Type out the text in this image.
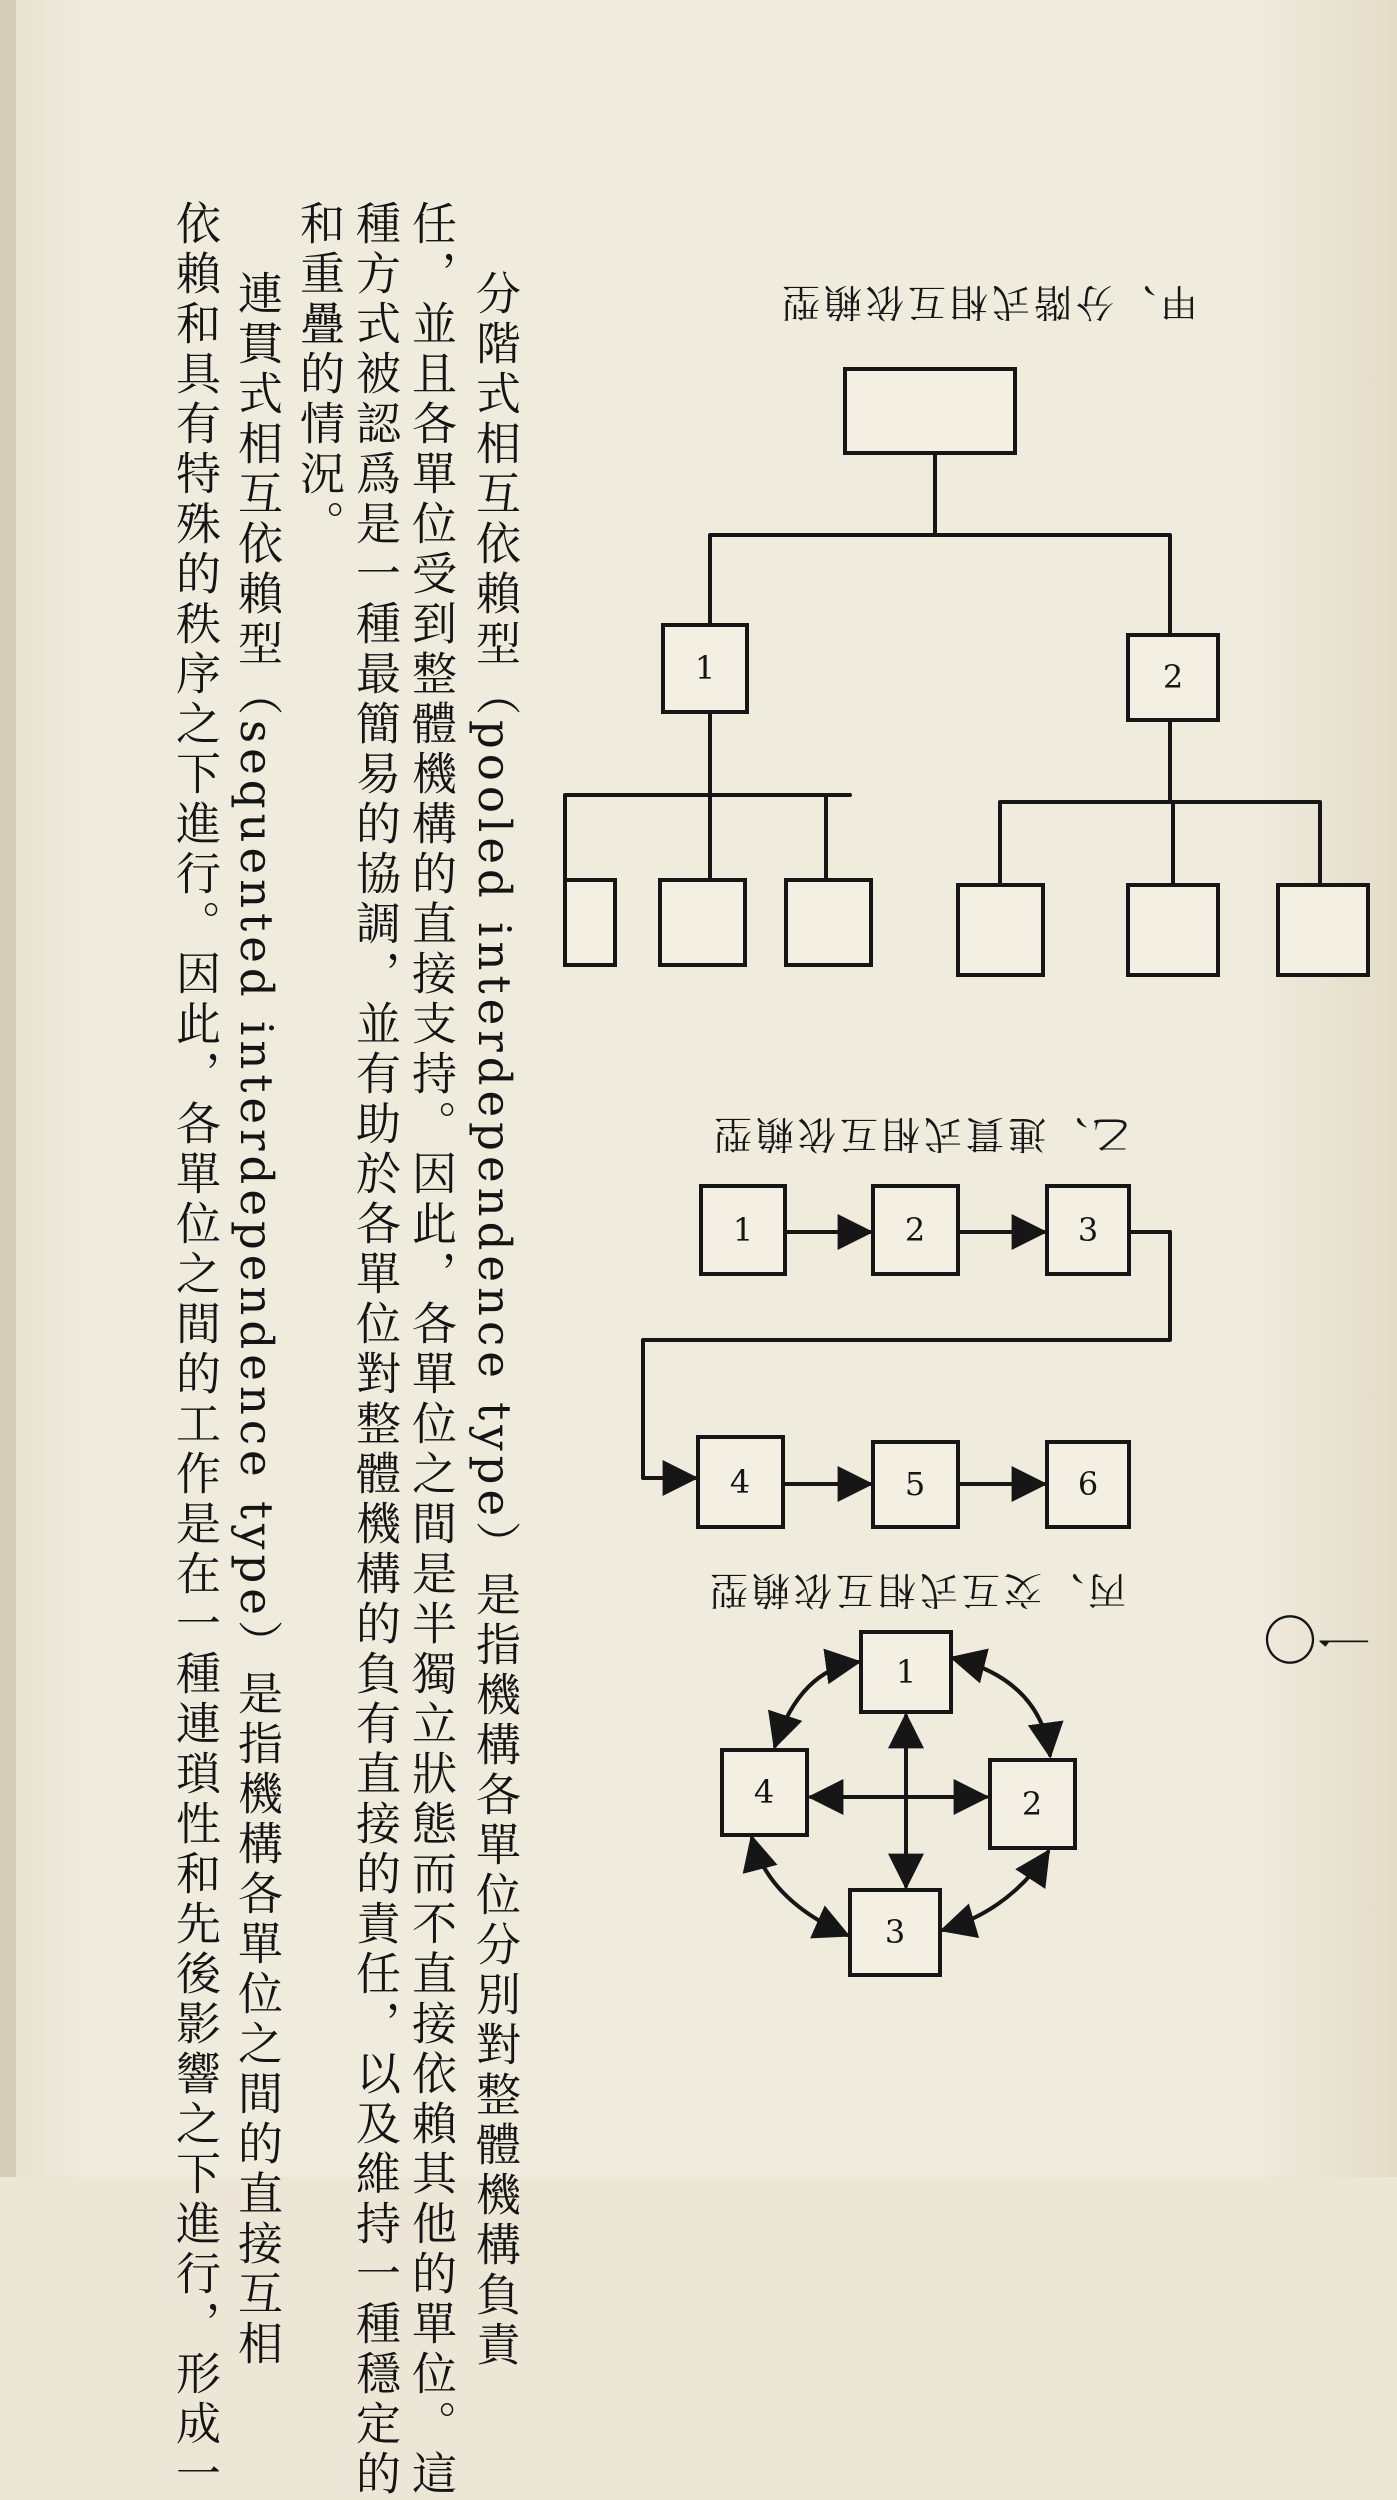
分階式相互依賴型（pooled interdependence type）是指機構各單位分別對整體機構負責
任，並且各單位受到整體機構的直接支持。因此，各單位之間是半獨立狀態而不直接依賴其他的單位。這
種方式被認爲是一種最簡易的協調，並有助於各單位對整體機構的負有直接的責任，以及維持一種穩定的
和重疊的情況。
連貫式相互依賴型（sequented interdependence type）是指機構各單位之間的直接互相
依賴和具有特殊的秩序之下進行。因此，各單位之間的工作是在一種連瑣性和先後影響之下進行，形成一	甲、分階式相互依賴型
乙、連貫式相互依賴型
丙、交互式相互依賴型
1	2
1	2	3
4	5	6
1
2
3
4
一〇
